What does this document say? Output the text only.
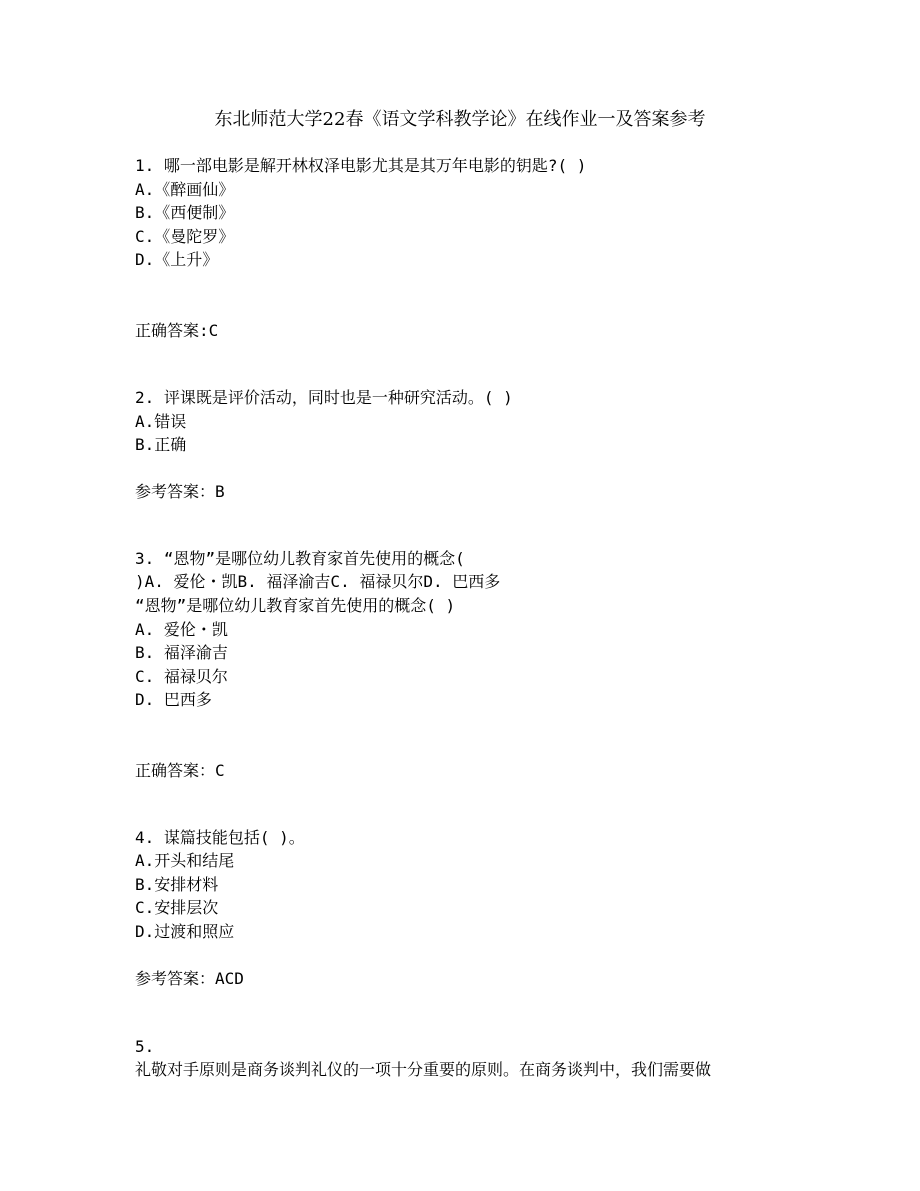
东北师范大学22春《语文学科教学论》在线作业一及答案参考
1. 哪一部电影是解开林权泽电影尤其是其万年电影的钥匙?( )
A.《醉画仙》
B.《西便制》
C.《曼陀罗》
D.《上升》
正确答案:C
2. 评课既是评价活动，同时也是一种研究活动。( )
A.错误
B.正确
参考答案：B
3. “恩物”是哪位幼儿教育家首先使用的概念(
)A. 爱伦・凯B. 福泽渝吉C. 福禄贝尔D. 巴西多
“恩物”是哪位幼儿教育家首先使用的概念( )
A. 爱伦・凯
B. 福泽渝吉
C. 福禄贝尔
D. 巴西多
正确答案：C
4. 谋篇技能包括( )。
A.开头和结尾
B.安排材料
C.安排层次
D.过渡和照应
参考答案：ACD
5.
礼敬对手原则是商务谈判礼仪的一项十分重要的原则。在商务谈判中，我们需要做
